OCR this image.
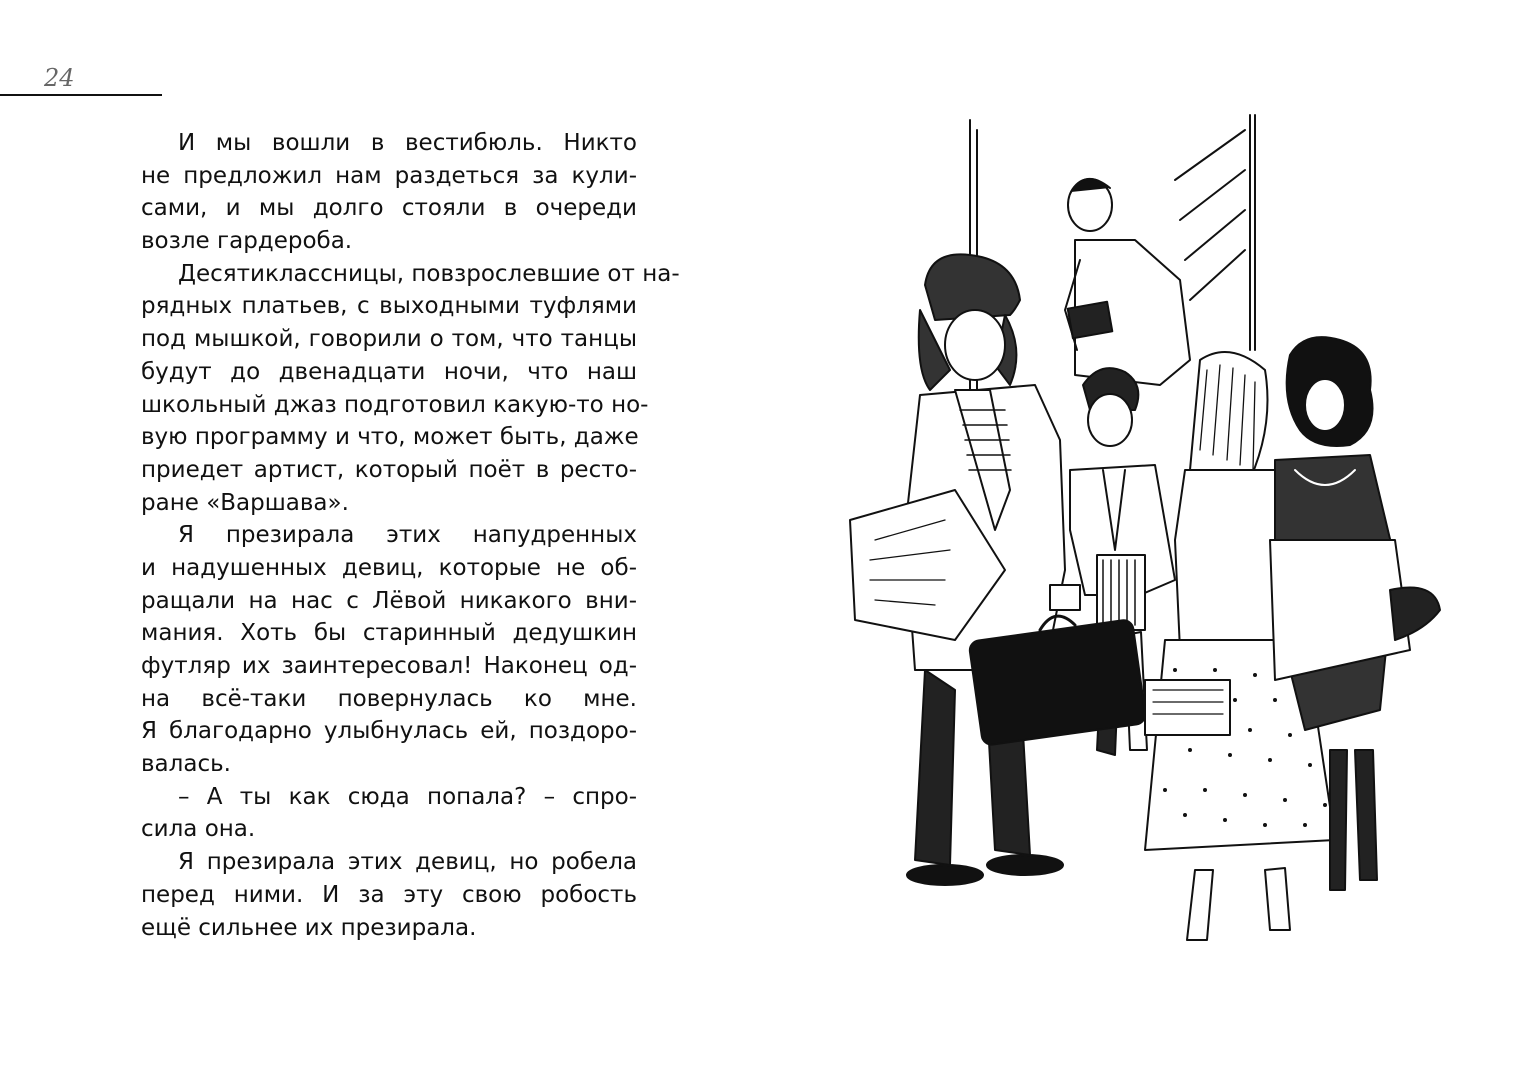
24
И мы вошли в вестибюль. Никто
не предложил нам раздеться за кули-
сами, и мы долго стояли в очереди
возле гардероба.
Десятиклассницы, повзрослевшие от на-
рядных платьев, с выходными туфлями
под мышкой, говорили о том, что танцы
будут до двенадцати ночи, что наш
школьный джаз подготовил какую-то но-
вую программу и что, может быть, даже
приедет артист, который поёт в ресто-
ране «Варшава».
Я презирала этих напудренных
и надушенных девиц, которые не об-
ращали на нас с Лёвой никакого вни-
мания. Хоть бы старинный дедушкин
футляр их заинтересовал! Наконец од-
на всё-таки повернулась ко мне.
Я благодарно улыбнулась ей, поздоро-
валась.
– А ты как сюда попала? – спро-
сила она.
Я презирала этих девиц, но робела
перед ними. И за эту свою робость
ещё сильнее их презирала.
